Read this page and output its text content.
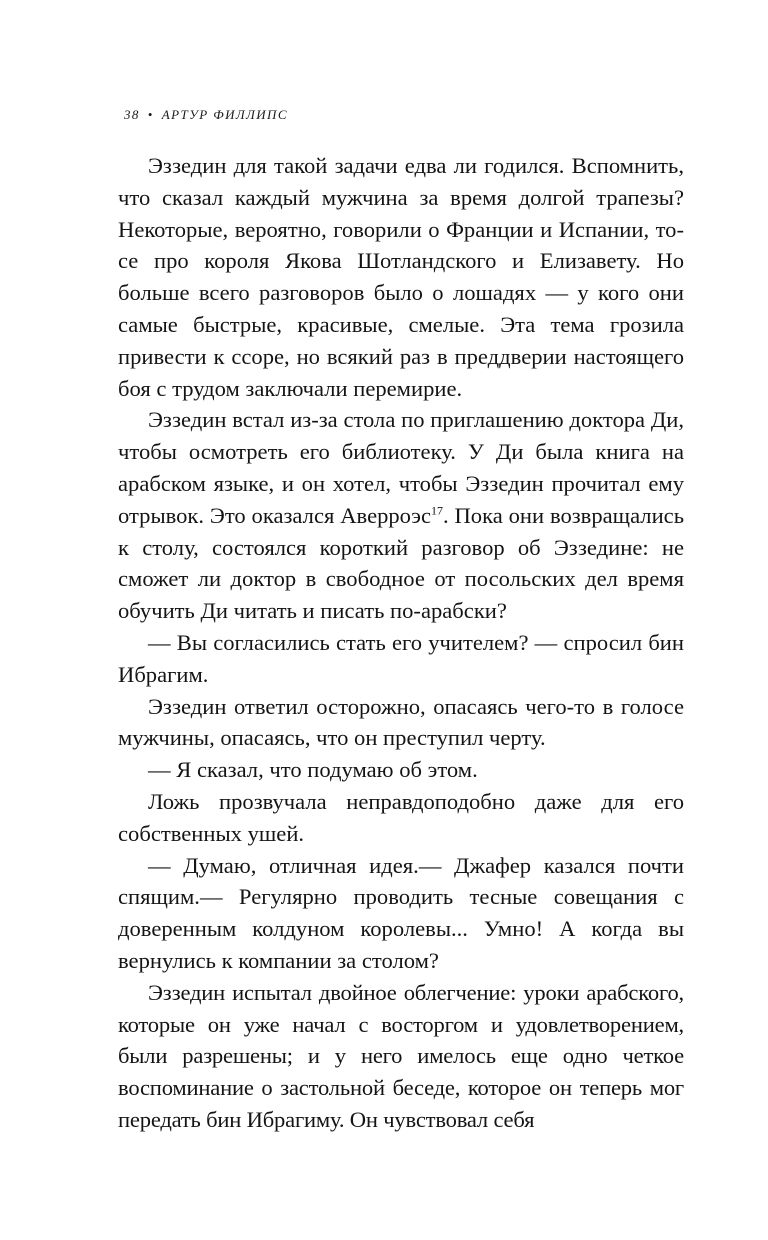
38 • АРТУР ФИЛЛИПС

Эззедин для такой задачи едва ли годился. Вспомнить, что сказал каждый мужчина за время долгой трапезы? Некоторые, вероятно, говорили о Франции и Испании, то-се про короля Якова Шотландского и Елизавету. Но больше всего разговоров было о лошадях — у кого они самые быстрые, красивые, смелые. Эта тема грозила привести к ссоре, но всякий раз в преддверии настоящего боя с трудом заключали перемирие.

Эззедин встал из-за стола по приглашению доктора Ди, чтобы осмотреть его библиотеку. У Ди была книга на арабском языке, и он хотел, чтобы Эззедин прочитал ему отрывок. Это оказался Аверроэс$^{17}$. Пока они возвращались к столу, состоялся короткий разговор об Эззедине: не сможет ли доктор в свободное от посольских дел время обучить Ди читать и писать по-арабски?

— Вы согласились стать его учителем? — спросил бин Ибрагим.

Эззедин ответил осторожно, опасаясь чего-то в голосе мужчины, опасаясь, что он преступил черту.

— Я сказал, что подумаю об этом.

Ложь прозвучала неправдоподобно даже для его собственных ушей.

— Думаю, отличная идея.— Джафер казался почти спящим.— Регулярно проводить тесные совещания с доверенным колдуном королевы... Умно! А когда вы вернулись к компании за столом?

Эззедин испытал двойное облегчение: уроки арабского, которые он уже начал с восторгом и удовлетворением, были разрешены; и у него имелось еще одно четкое воспоминание о застольной беседе, которое он теперь мог передать бин Ибрагиму. Он чувствовал себя
